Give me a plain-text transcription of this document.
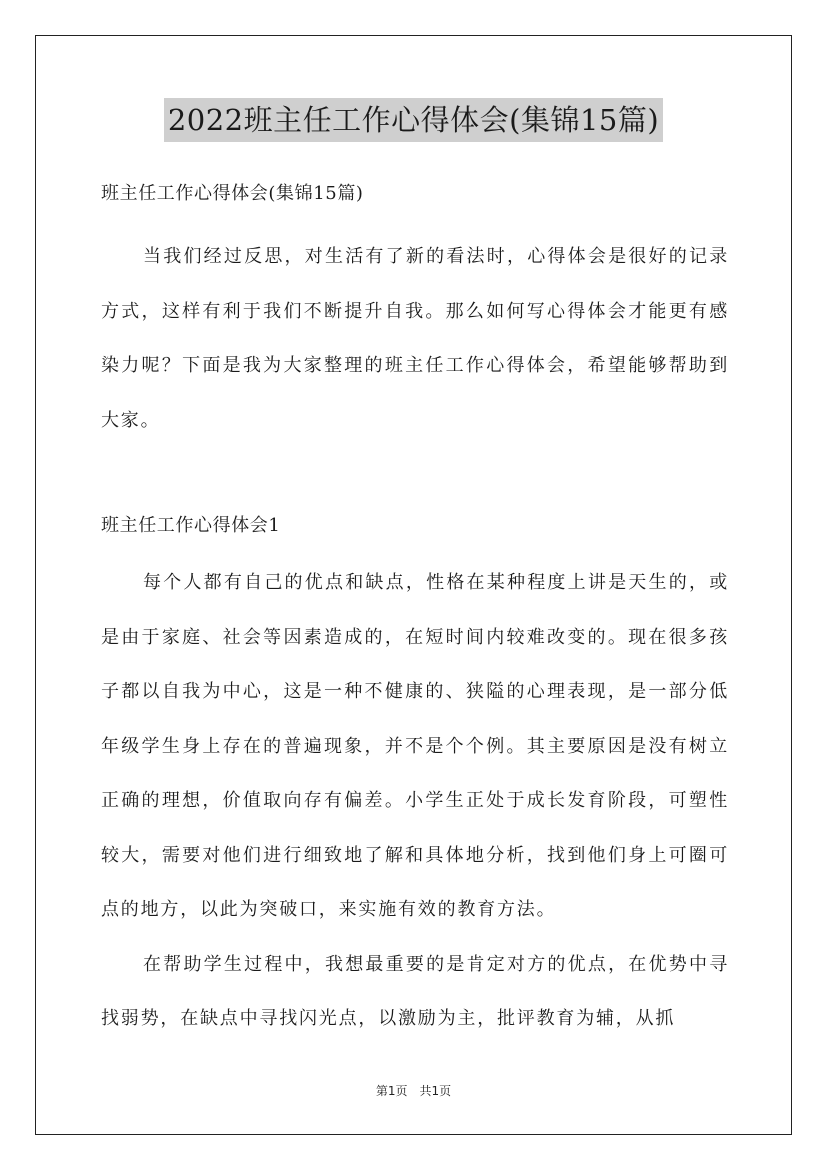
2022班主任工作心得体会(集锦15篇)

班主任工作心得体会(集锦15篇)

当我们经过反思，对生活有了新的看法时，心得体会是很好的记录方式，这样有利于我们不断提升自我。那么如何写心得体会才能更有感染力呢？下面是我为大家整理的班主任工作心得体会，希望能够帮助到大家。

班主任工作心得体会1

每个人都有自己的优点和缺点，性格在某种程度上讲是天生的，或是由于家庭、社会等因素造成的，在短时间内较难改变的。现在很多孩子都以自我为中心，这是一种不健康的、狭隘的心理表现，是一部分低年级学生身上存在的普遍现象，并不是个个例。其主要原因是没有树立正确的理想，价值取向存有偏差。小学生正处于成长发育阶段，可塑性较大，需要对他们进行细致地了解和具体地分析，找到他们身上可圈可点的地方，以此为突破口，来实施有效的教育方法。

在帮助学生过程中，我想最重要的是肯定对方的优点，在优势中寻找弱势，在缺点中寻找闪光点，以激励为主，批评教育为辅，从抓

第1页　共1页
